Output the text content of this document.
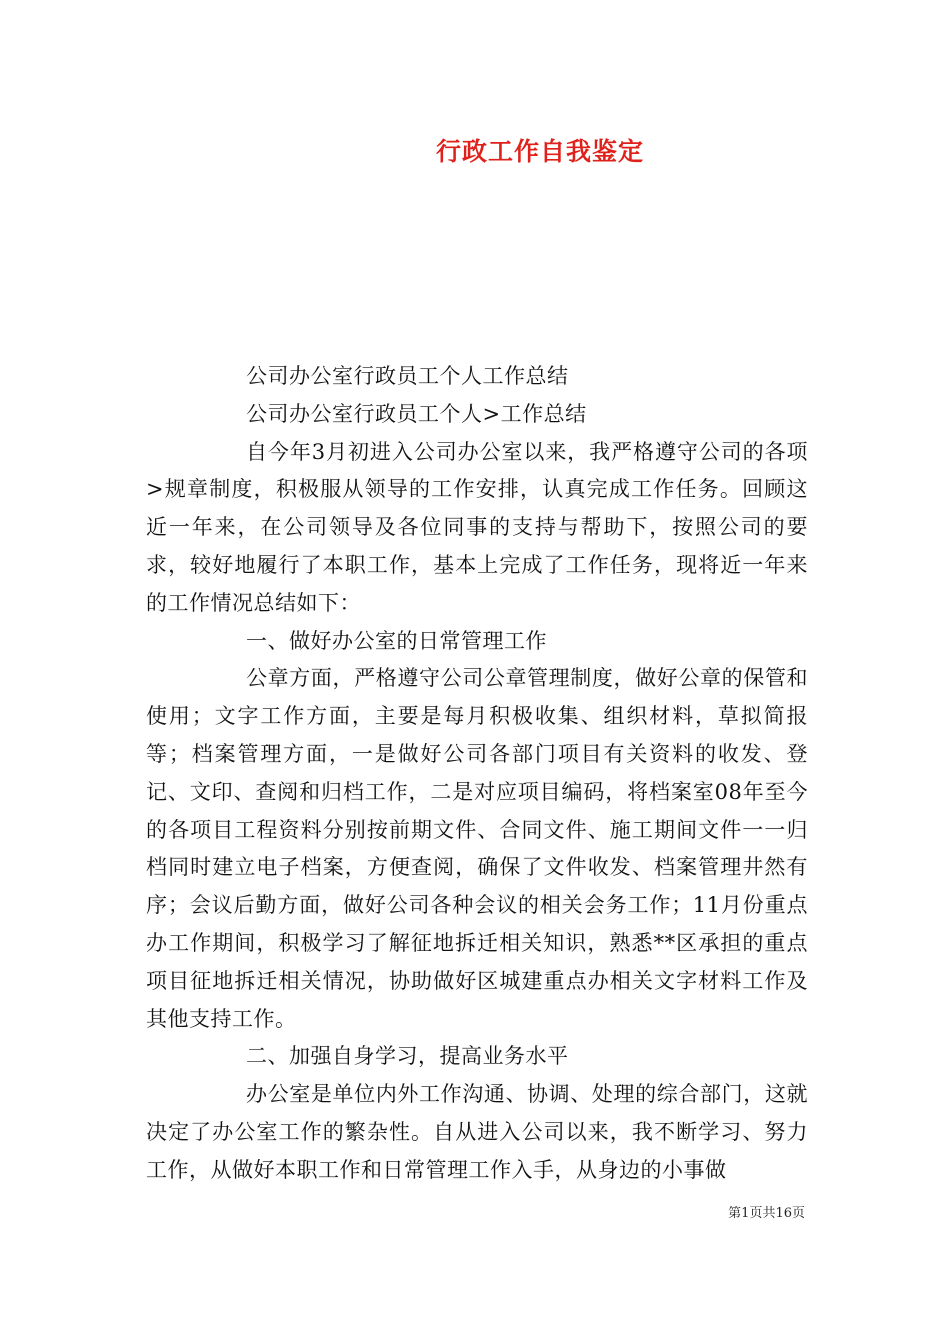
行政工作自我鉴定

公司办公室行政员工个人工作总结

公司办公室行政员工个人>工作总结

自今年3月初进入公司办公室以来，我严格遵守公司的各项>规章制度，积极服从领导的工作安排，认真完成工作任务。回顾这近一年来，在公司领导及各位同事的支持与帮助下，按照公司的要求，较好地履行了本职工作，基本上完成了工作任务，现将近一年来的工作情况总结如下：

一、做好办公室的日常管理工作

公章方面，严格遵守公司公章管理制度，做好公章的保管和使用；文字工作方面，主要是每月积极收集、组织材料，草拟简报等；档案管理方面，一是做好公司各部门项目有关资料的收发、登记、文印、查阅和归档工作，二是对应项目编码，将档案室08年至今的各项目工程资料分别按前期文件、合同文件、施工期间文件一一归档同时建立电子档案，方便查阅，确保了文件收发、档案管理井然有序；会议后勤方面，做好公司各种会议的相关会务工作；11月份重点办工作期间，积极学习了解征地拆迁相关知识，熟悉**区承担的重点项目征地拆迁相关情况，协助做好区城建重点办相关文字材料工作及其他支持工作。

二、加强自身学习，提高业务水平

办公室是单位内外工作沟通、协调、处理的综合部门，这就决定了办公室工作的繁杂性。自从进入公司以来，我不断学习、努力工作，从做好本职工作和日常管理工作入手，从身边的小事做

第1页共16页
